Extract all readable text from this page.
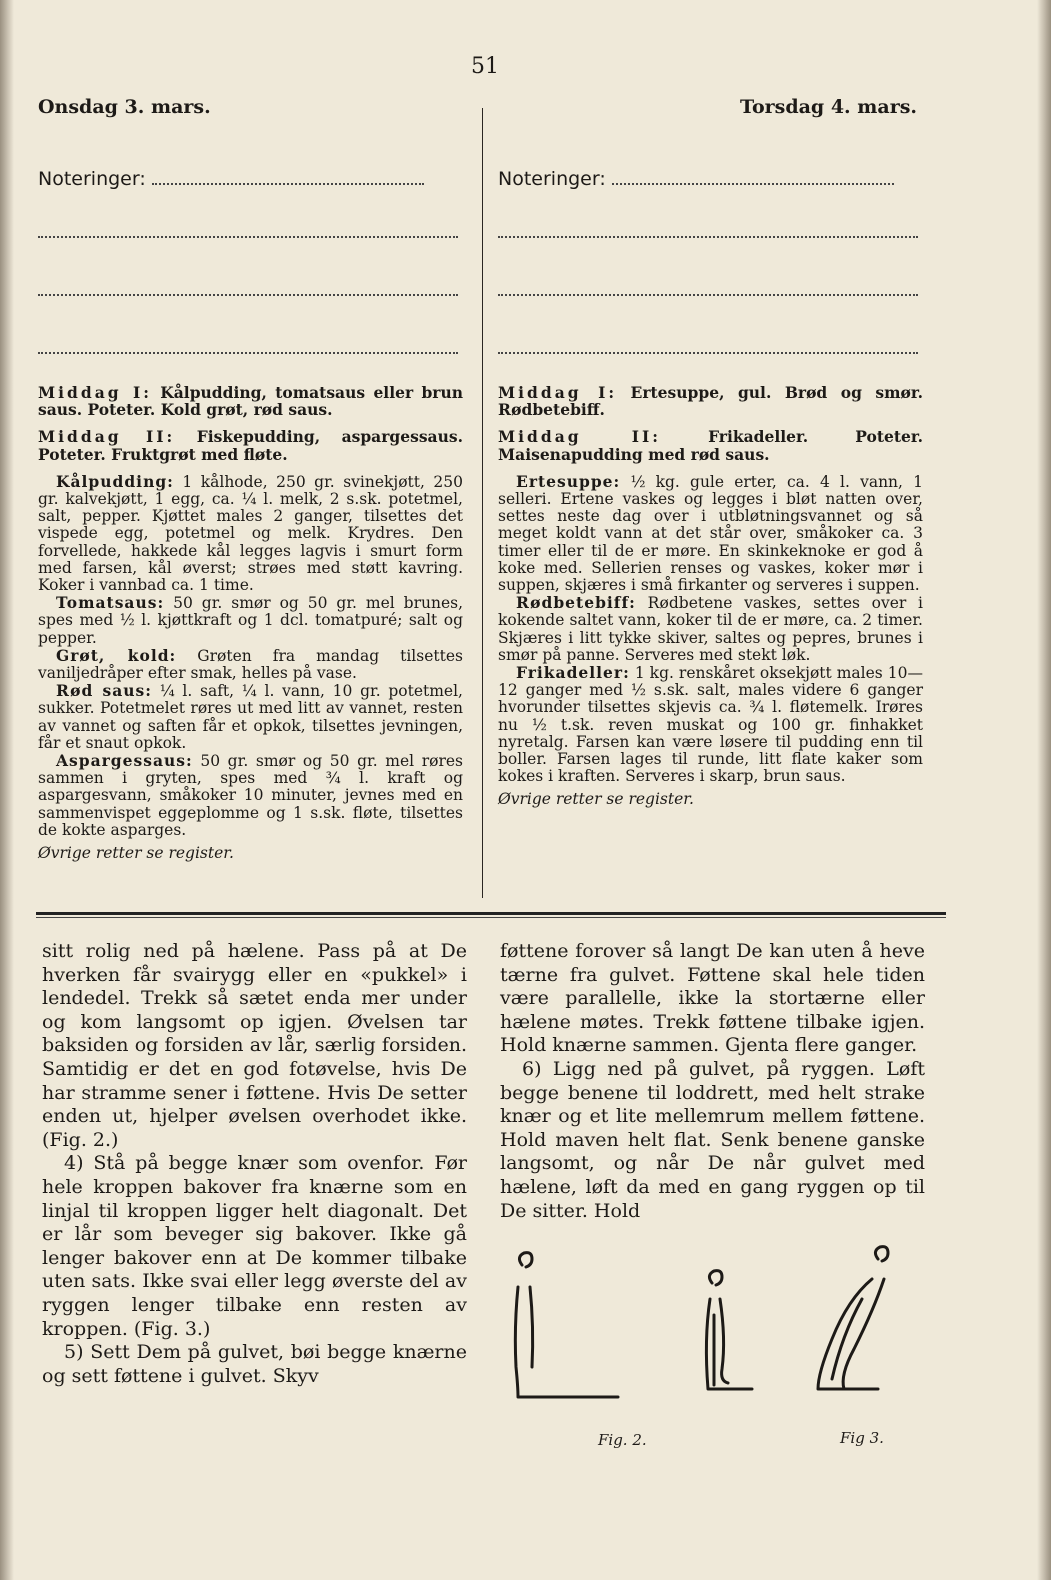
51
Onsdag 3. mars.	Torsdag 4. mars.
Noteringer:	Noteringer:

Middag I: Kålpudding, tomatsaus eller brun saus. Poteter. Kold grøt, rød saus.

Middag II: Fiskepudding, aspargessaus. Poteter. Fruktgrøt med fløte.

Kålpudding: 1 kålhode, 250 gr. svinekjøtt, 250 gr. kalvekjøtt, 1 egg, ca. ¼ l. melk, 2 s.sk. potetmel, salt, pepper. Kjøttet males 2 ganger, tilsettes det vispede egg, potetmel og melk. Krydres. Den forvellede, hakkede kål legges lagvis i smurt form med farsen, kål øverst; strøes med støtt kavring. Koker i vannbad ca. 1 time.

Tomatsaus: 50 gr. smør og 50 gr. mel brunes, spes med ½ l. kjøttkraft og 1 dcl. tomatpuré; salt og pepper.

Grøt, kold: Grøten fra mandag tilsettes vaniljedråper efter smak, helles på vase.

Rød saus: ¼ l. saft, ¼ l. vann, 10 gr. potetmel, sukker. Potetmelet røres ut med litt av vannet, resten av vannet og saften får et opkok, tilsettes jevningen, får et snaut opkok.

Aspargessaus: 50 gr. smør og 50 gr. mel røres sammen i gryten, spes med ¾ l. kraft og aspargesvann, småkoker 10 minuter, jevnes med en sammenvispet eggeplomme og 1 s.sk. fløte, tilsettes de kokte asparges.

Øvrige retter se register.

Middag I: Ertesuppe, gul. Brød og smør. Rødbetebiff.

Middag II:	Frikadeller. Poteter. Maisenapudding med rød saus.

Ertesuppe: ½ kg. gule erter, ca. 4 l. vann, 1 selleri. Ertene vaskes og legges i bløt natten over, settes neste dag over i utbløtningsvannet og så meget koldt vann at det står over, småkoker ca. 3 timer eller til de er møre. En skinkeknoke er god å koke med. Sellerien renses og vaskes, koker mør i suppen, skjæres i små firkanter og serveres i suppen.

Rødbetebiff: Rødbetene vaskes, settes over i kokende saltet vann, koker til de er møre, ca. 2 timer. Skjæres i litt tykke skiver, saltes og pepres, brunes i smør på panne. Serveres med stekt løk.

Frikadeller: 1 kg. renskåret oksekjøtt males 10—12 ganger med ½ s.sk. salt, males videre 6 ganger hvorunder tilsettes skjevis ca. ¾ l. fløtemelk. Irøres nu ½ t.sk. reven muskat og 100 gr. finhakket nyretalg. Farsen kan være løsere til pudding enn til boller. Farsen lages til runde, litt flate kaker som kokes i kraften. Serveres i skarp, brun saus.

Øvrige retter se register.

sitt rolig ned på hælene. Pass på at De hverken får svairygg eller en «pukkel» i lendedel. Trekk så sætet enda mer under og kom langsomt op igjen. Øvelsen tar baksiden og forsiden av lår, særlig forsiden. Samtidig er det en god fotøvelse, hvis De har stramme sener i føttene. Hvis De setter enden ut, hjelper øvelsen overhodet ikke. (Fig. 2.)

4) Stå på begge knær som ovenfor. Før hele kroppen bakover fra knærne som en linjal til kroppen ligger helt diagonalt. Det er lår som beveger sig bakover. Ikke gå lenger bakover enn at De kommer tilbake uten sats. Ikke svai eller legg øverste del av ryggen lenger tilbake enn resten av kroppen. (Fig. 3.)

5) Sett Dem på gulvet, bøi begge knærne og sett føttene i gulvet. Skyv

føttene forover så langt De kan uten å heve tærne fra gulvet. Føttene skal hele tiden være parallelle, ikke la stortærne eller hælene møtes. Trekk føttene tilbake igjen. Hold knærne sammen. Gjenta flere ganger.

6) Ligg ned på gulvet, på ryggen. Løft begge benene til loddrett, med helt strake knær og et lite mellemrum mellem føttene. Hold maven helt flat. Senk benene ganske langsomt, og når De når gulvet med hælene, løft da med en gang ryggen op til De sitter. Hold

Fig. 2.	Fig 3.
